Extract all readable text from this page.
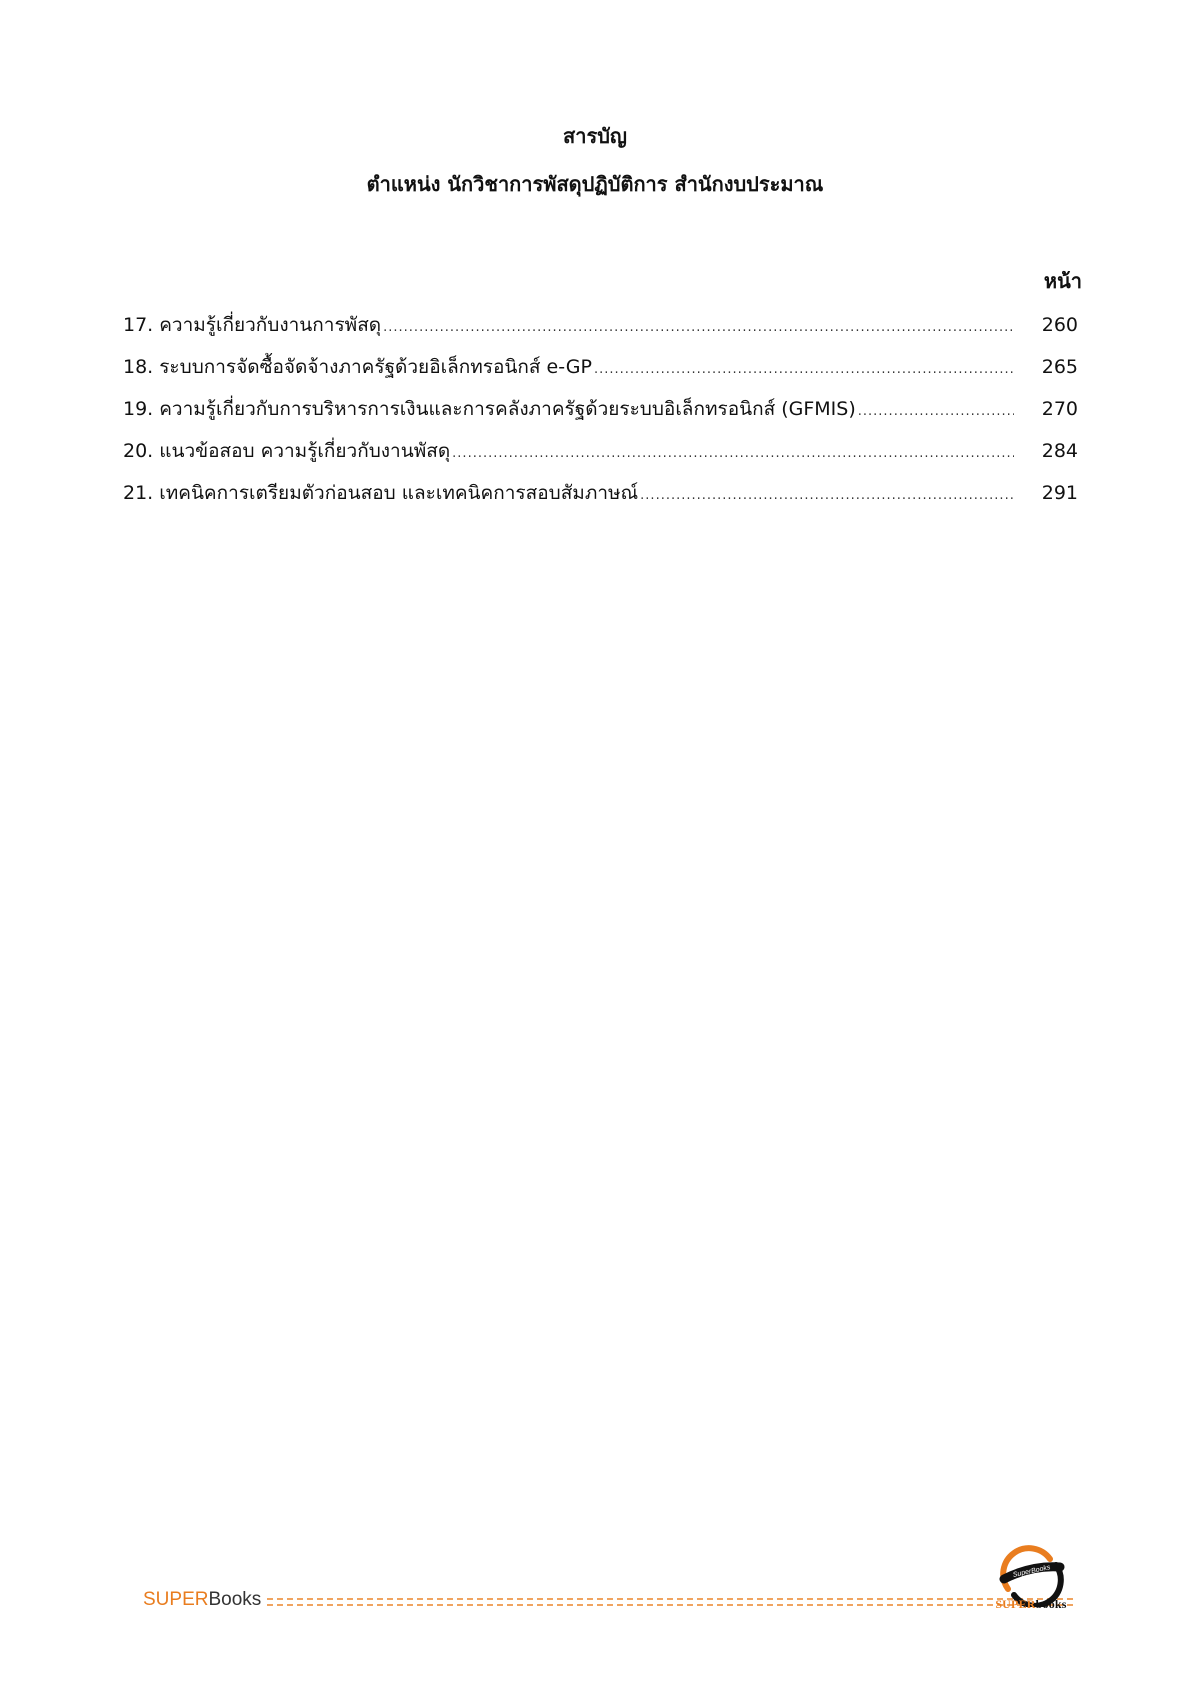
สารบัญ
ตำแหน่ง นักวิชาการพัสดุปฏิบัติการ สำนักงบประมาณ
หน้า
17. ความรู้เกี่ยวกับงานการพัสดุ .....	260
18. ระบบการจัดซื้อจัดจ้างภาครัฐด้วยอิเล็กทรอนิกส์ e-GP .....	265
19. ความรู้เกี่ยวกับการบริหารการเงินและการคลังภาครัฐด้วยระบบอิเล็กทรอนิกส์ (GFMIS) .....	270
20. แนวข้อสอบ ความรู้เกี่ยวกับงานพัสดุ .....	284
21. เทคนิคการเตรียมตัวก่อนสอบ และเทคนิคการสอบสัมภาษณ์ .....	291
SUPERBooks
SuperBooks
SUPERbooks
